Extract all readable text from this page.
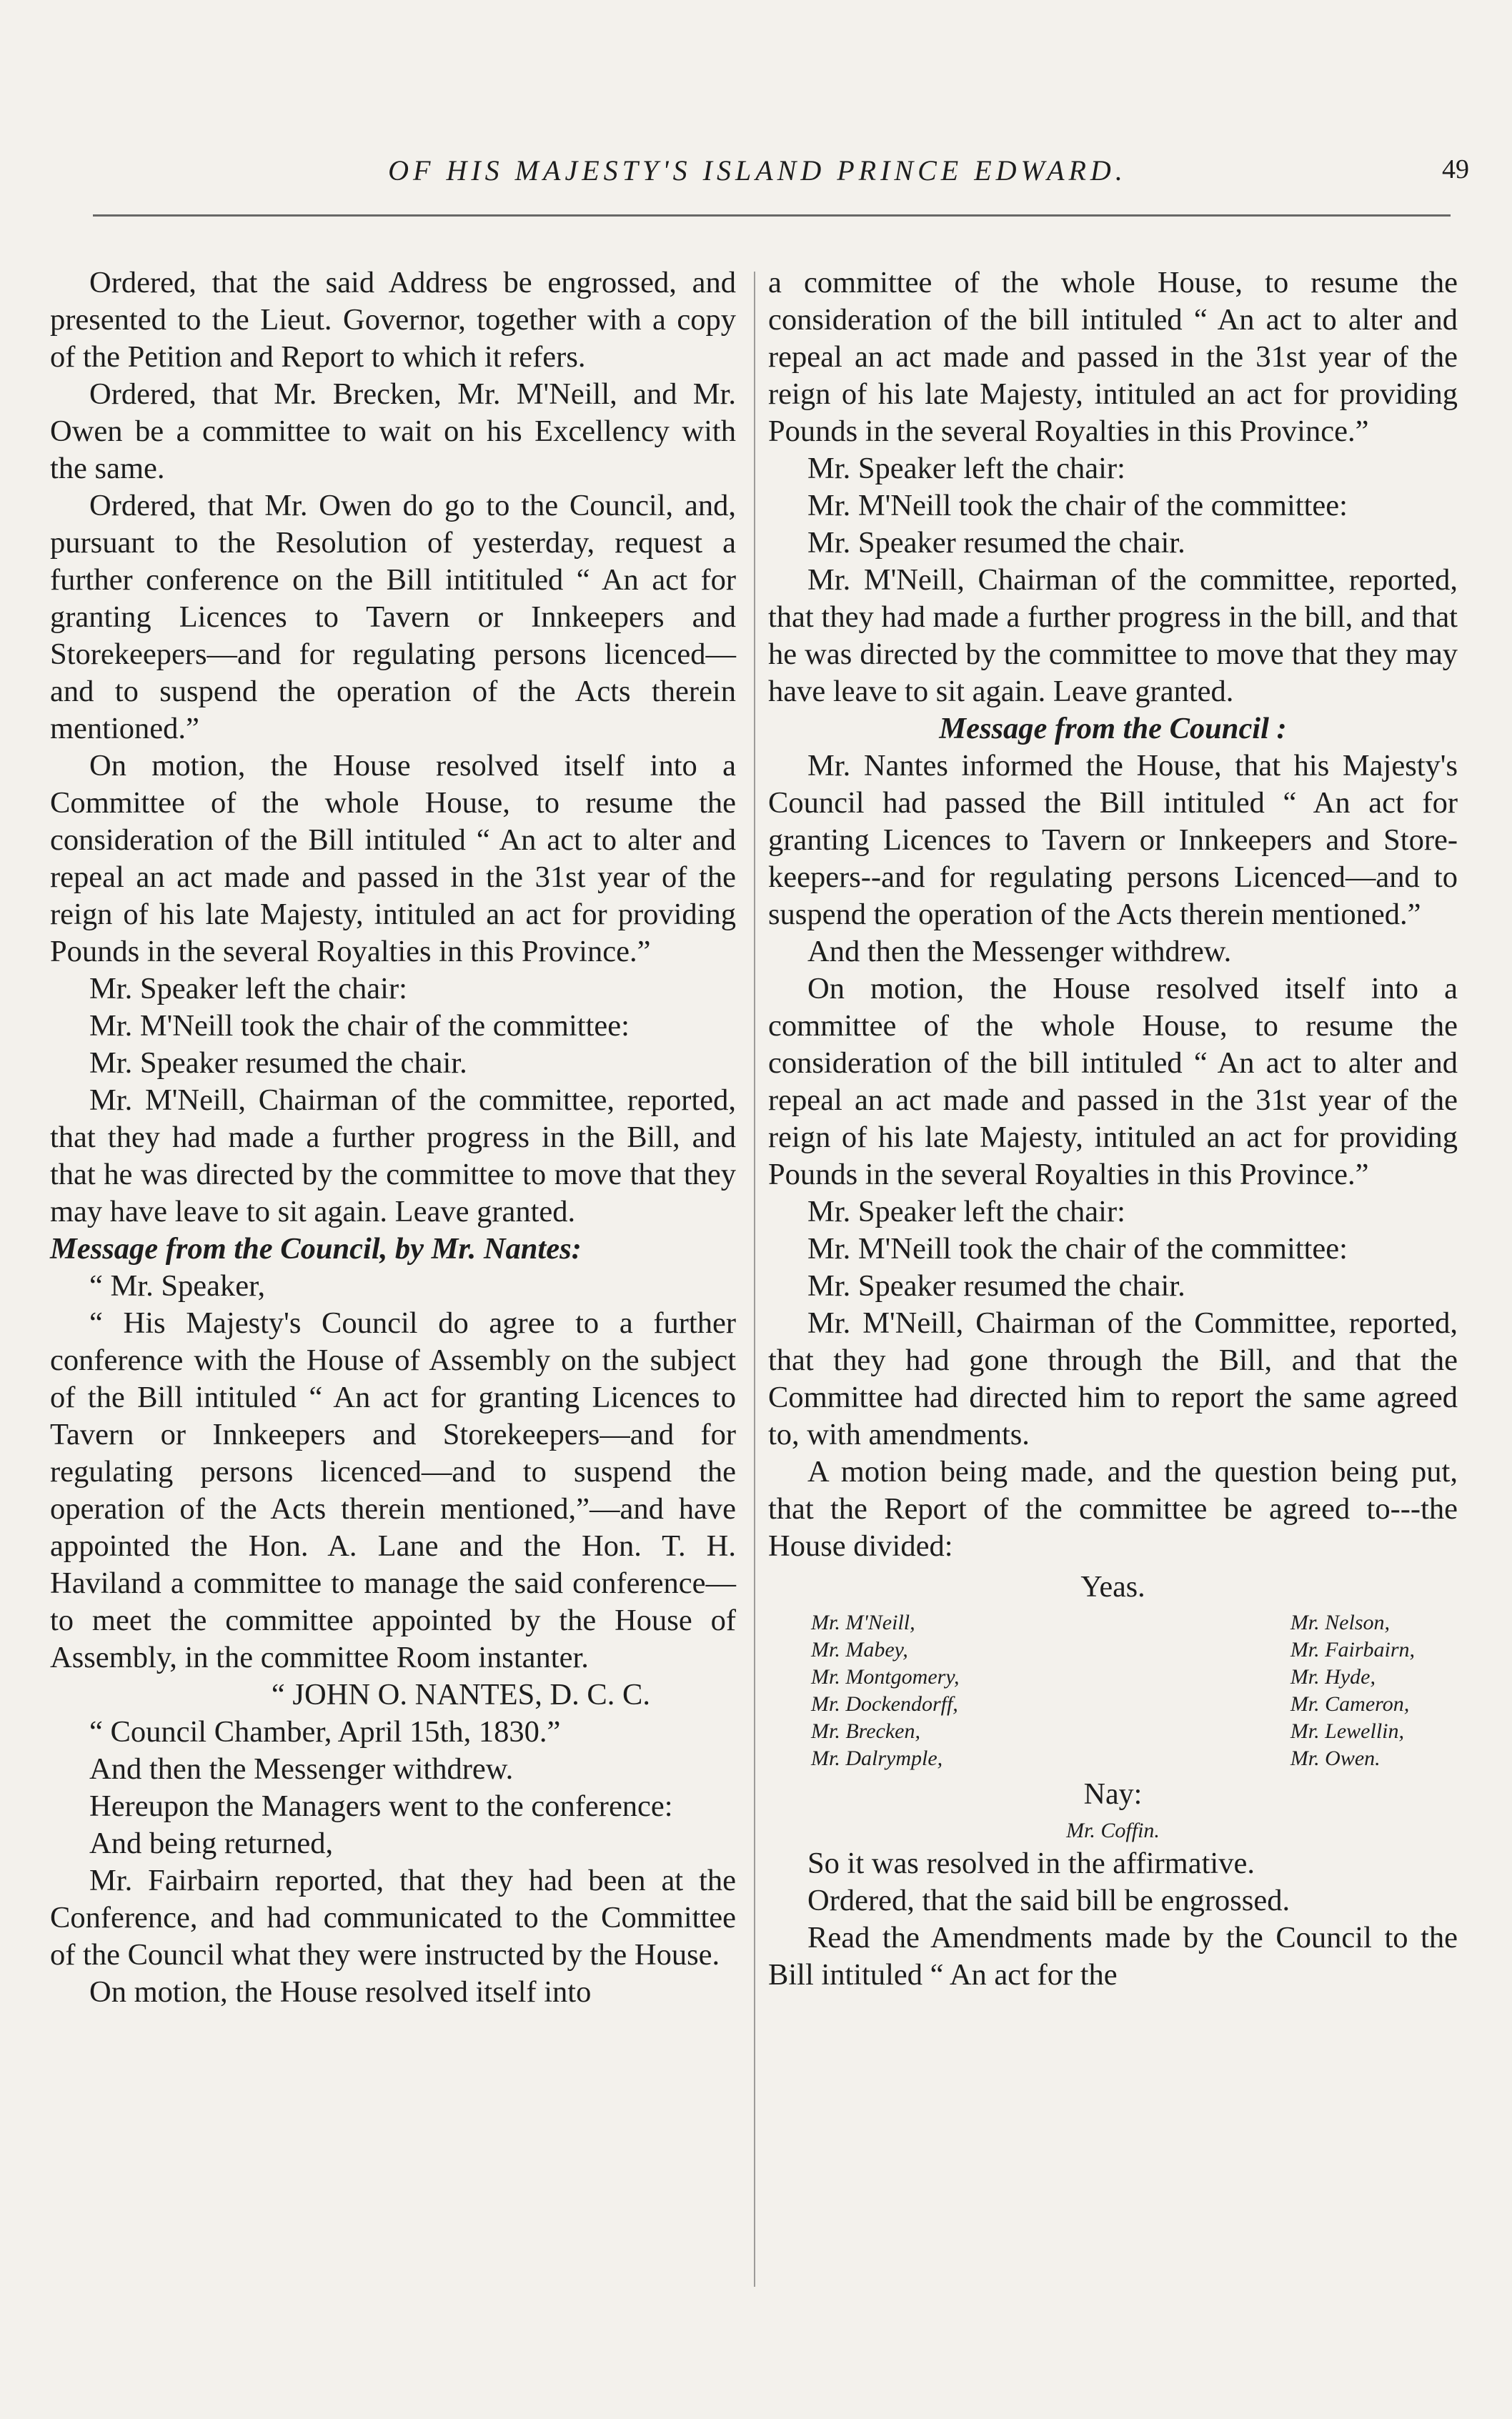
OF HIS MAJESTY'S ISLAND PRINCE EDWARD.	49

Ordered, that the said Address be engrossed, and presented to the Lieut. Governor, together with a copy of the Petition and Report to which it refers.

Ordered, that Mr. Brecken, Mr. M'Neill, and Mr. Owen be a committee to wait on his Excellency with the same.

Ordered, that Mr. Owen do go to the Council, and, pursuant to the Resolution of yesterday, request a further conference on the Bill intitituled “ An act for granting Licences to Tavern or Innkeepers and Storekeepers—and for regulating persons licenced—and to suspend the operation of the Acts therein mentioned.”

On motion, the House resolved itself into a Committee of the whole House, to resume the consideration of the Bill intituled “ An act to alter and repeal an act made and passed in the 31st year of the reign of his late Majesty, intituled an act for providing Pounds in the several Royalties in this Province.”

Mr. Speaker left the chair:

Mr. M'Neill took the chair of the committee:

Mr. Speaker resumed the chair.

Mr. M'Neill, Chairman of the committee, reported, that they had made a further progress in the Bill, and that he was directed by the committee to move that they may have leave to sit again. Leave granted.

Message from the Council, by Mr. Nantes:

“ Mr. Speaker,

“ His Majesty's Council do agree to a further conference with the House of Assembly on the subject of the Bill intituled “ An act for granting Licences to Tavern or Innkeepers and Storekeepers—and for regulating persons licenced—and to suspend the operation of the Acts therein mentioned,”—and have appointed the Hon. A. Lane and the Hon. T. H. Haviland a committee to manage the said conference—to meet the committee appointed by the House of Assembly, in the committee Room instanter.

“ JOHN O. NANTES, D. C. C.

“ Council Chamber, April 15th, 1830.”

And then the Messenger withdrew.

Hereupon the Managers went to the conference:

And being returned,

Mr. Fairbairn reported, that they had been at the Conference, and had communicated to the Committee of the Council what they were instructed by the House.

On motion, the House resolved itself into

a committee of the whole House, to resume the consideration of the bill intituled “ An act to alter and repeal an act made and passed in the 31st year of the reign of his late Majesty, intituled an act for providing Pounds in the several Royalties in this Province.”

Mr. Speaker left the chair:

Mr. M'Neill took the chair of the committee:

Mr. Speaker resumed the chair.

Mr. M'Neill, Chairman of the committee, reported, that they had made a further progress in the bill, and that he was directed by the committee to move that they may have leave to sit again. Leave granted.

Message from the Council :

Mr. Nantes informed the House, that his Majesty's Council had passed the Bill intituled “ An act for granting Licences to Tavern or Innkeepers and Store-keepers--and for regulating persons Licenced—and to suspend the operation of the Acts therein mentioned.”

And then the Messenger withdrew.

On motion, the House resolved itself into a committee of the whole House, to resume the consideration of the bill intituled “ An act to alter and repeal an act made and passed in the 31st year of the reign of his late Majesty, intituled an act for providing Pounds in the several Royalties in this Province.”

Mr. Speaker left the chair:

Mr. M'Neill took the chair of the committee:

Mr. Speaker resumed the chair.

Mr. M'Neill, Chairman of the Committee, reported, that they had gone through the Bill, and that the Committee had directed him to report the same agreed to, with amendments.

A motion being made, and the question being put, that the Report of the committee be agreed to---the House divided:

Yeas.
Mr. M'Neill,
Mr. Mabey,
Mr. Montgomery,
Mr. Dockendorff,
Mr. Brecken,
Mr. Dalrymple,
Mr. Nelson,
Mr. Fairbairn,
Mr. Hyde,
Mr. Cameron,
Mr. Lewellin,
Mr. Owen.
Nay:
Mr. Coffin.

So it was resolved in the affirmative.

Ordered, that the said bill be engrossed.

Read the Amendments made by the Council to the Bill intituled “ An act for the
